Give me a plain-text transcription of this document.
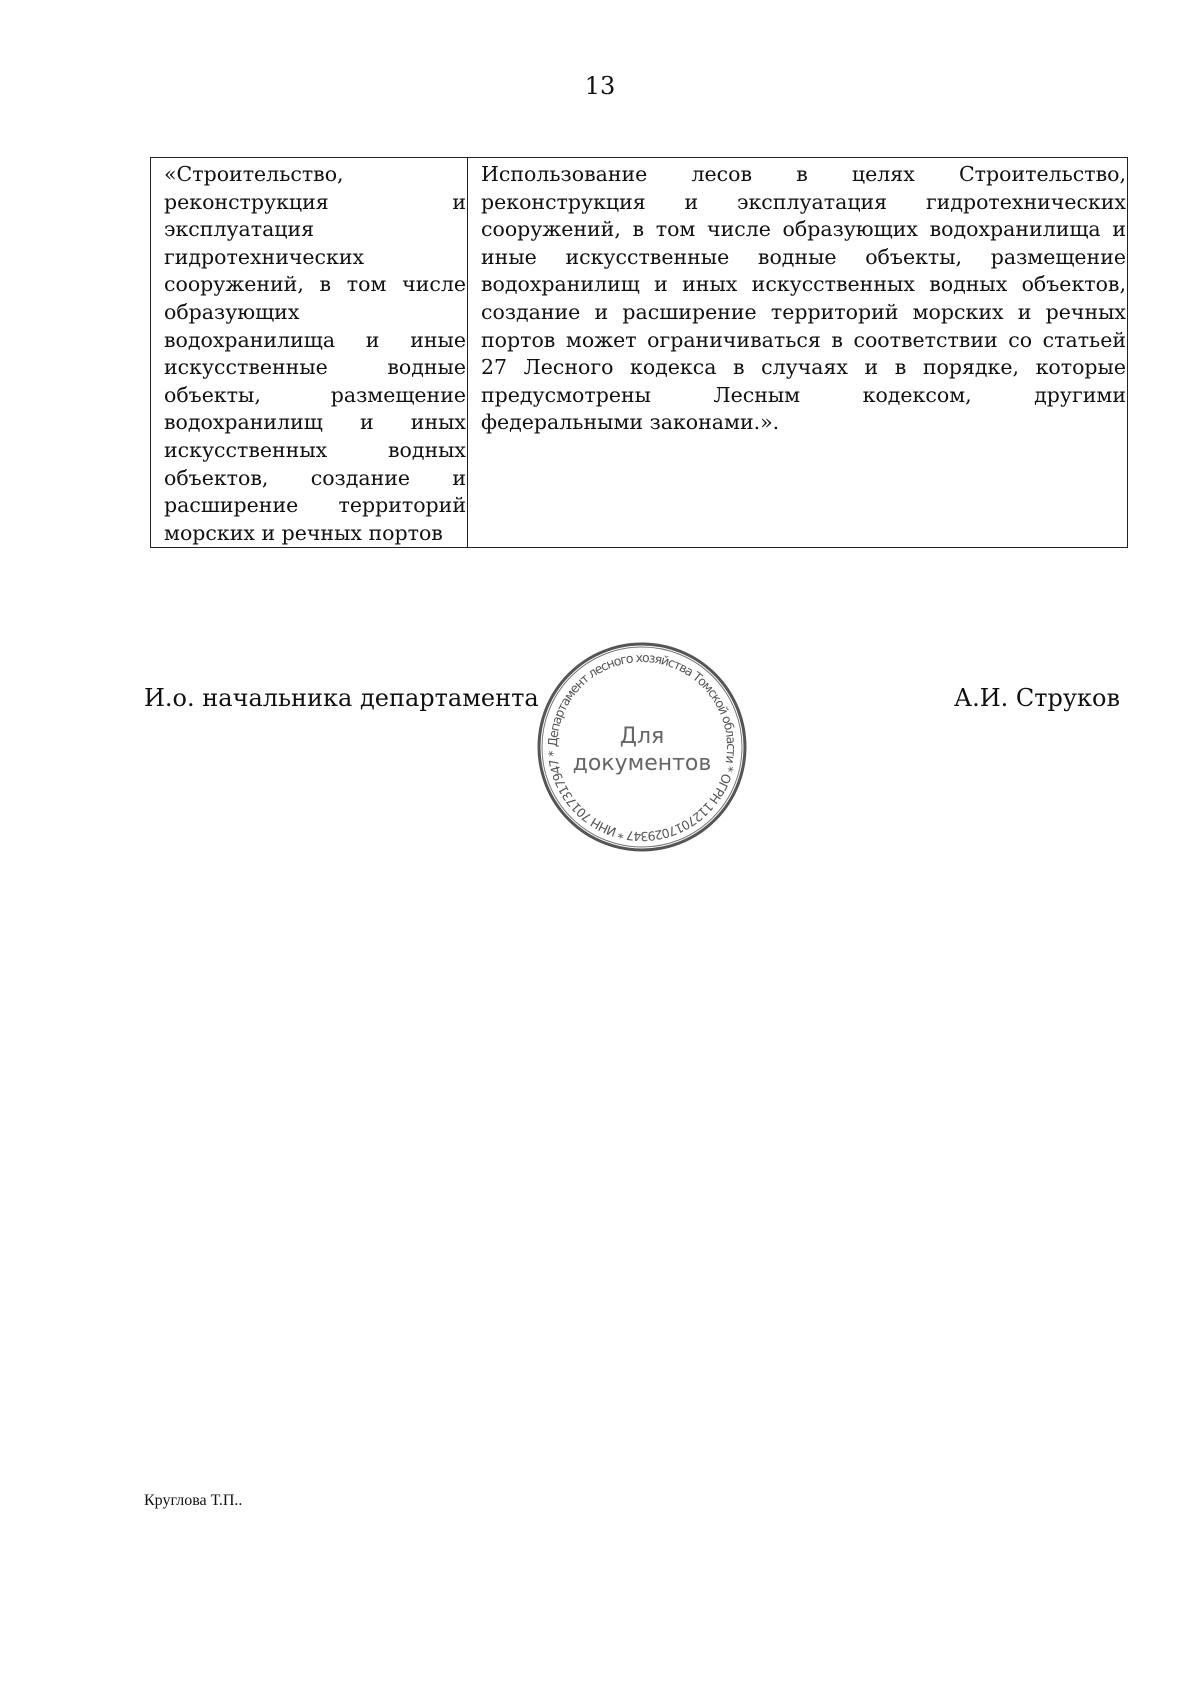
13
«Строительство, реконструкция и эксплуатация гидротехнических сооружений, в том числе образующих водохранилища и иные искусственные водные объекты, размещение водохранилищ и иных искусственных водных объектов, создание и расширение территорий морских и речных портов	Использование лесов в целях Строительство, реконструкция и эксплуатация гидротехнических сооружений, в том числе образующих водохранилища и иные искусственные водные объекты, размещение водохранилищ и иных искусственных водных объектов, создание и расширение территорий морских и речных портов может ограничиваться в соответствии со статьей 27 Лесного кодекса в случаях и в порядке, которые предусмотрены Лесным кодексом, другими федеральными законами.».
И.о. начальника департамента	А.И. Струков
Департамент лесного хозяйства Томской области * ОГРН 1127017029347 * ИНН 7017317947 *
Для
документов
Круглова Т.П..
